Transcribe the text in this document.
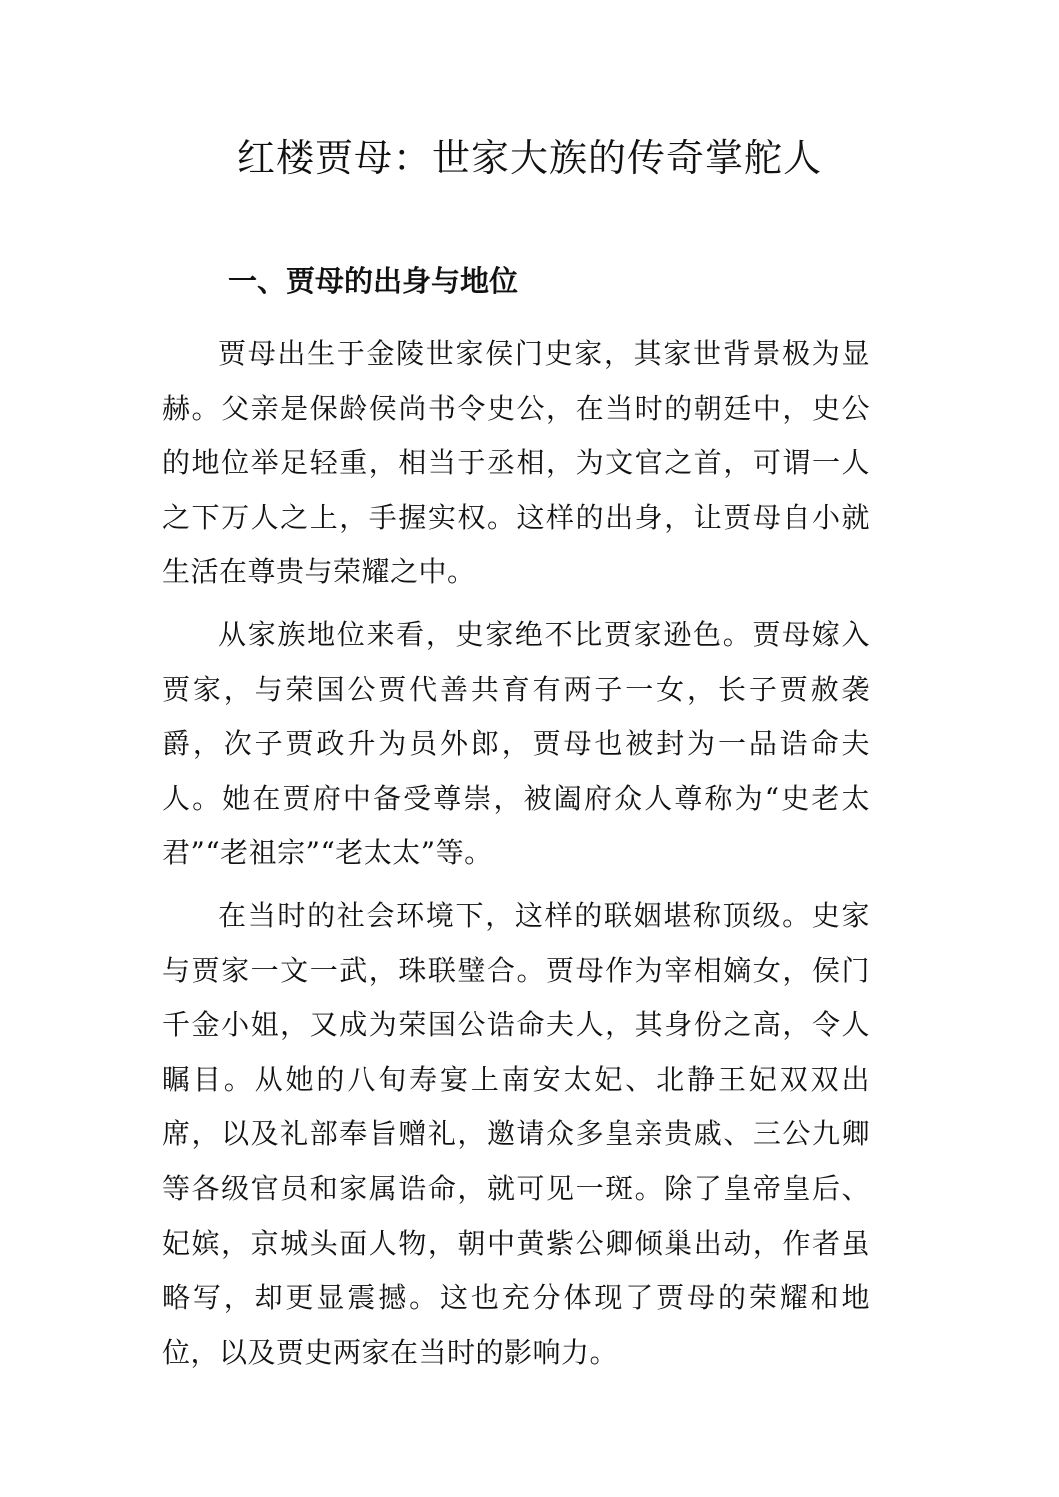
红楼贾母：世家大族的传奇掌舵人
一、贾母的出身与地位

贾母出生于金陵世家侯门史家，其家世背景极为显赫。父亲是保龄侯尚书令史公，在当时的朝廷中，史公的地位举足轻重，相当于丞相，为文官之首，可谓一人之下万人之上，手握实权。这样的出身，让贾母自小就生活在尊贵与荣耀之中。

从家族地位来看，史家绝不比贾家逊色。贾母嫁入贾家，与荣国公贾代善共育有两子一女，长子贾赦袭爵，次子贾政升为员外郎，贾母也被封为一品诰命夫人。她在贾府中备受尊崇，被阖府众人尊称为“史老太君”“老祖宗”“老太太”等。

在当时的社会环境下，这样的联姻堪称顶级。史家与贾家一文一武，珠联璧合。贾母作为宰相嫡女，侯门千金小姐，又成为荣国公诰命夫人，其身份之高，令人瞩目。从她的八旬寿宴上南安太妃、北静王妃双双出席，以及礼部奉旨赠礼，邀请众多皇亲贵戚、三公九卿等各级官员和家属诰命，就可见一斑。除了皇帝皇后、妃嫔，京城头面人物，朝中黄紫公卿倾巢出动，作者虽略写，却更显震撼。这也充分体现了贾母的荣耀和地位，以及贾史两家在当时的影响力。
